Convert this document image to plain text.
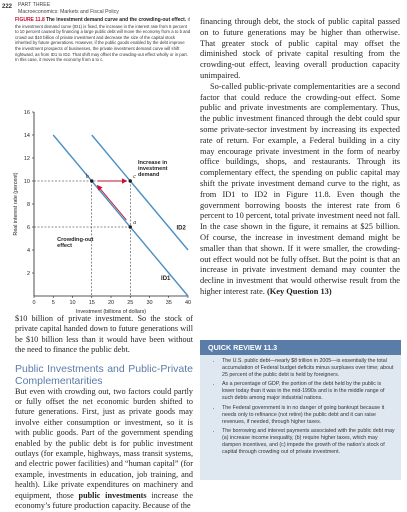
222 PART THREE
Macroeconomics: Markets and Fiscal Policy
FIGURE 11.8 The investment demand curve and the crowding-out effect. If the investment demand curve (ID1) is fixed, the increase in the interest rate from 6 percent to 10 percent caused by financing a large public debt will move the economy from a to b and crowd out $10 billion of private investment and decrease the size of the capital stock inherited by future generations. However, if the public goods enabled by the debt improve the investment prospects of businesses, the private investment demand curve will shift rightward, as from ID1 to ID2. That shift may offset the crowding-out effect wholly or in part. In this case, it moves the economy from a to c.
2
4
6
8
10
12
14
16
0	5	10 15 20 25 30 35 40
Investment (billions of dollars)
Real interest rate (percent)
ID1
ID2
a
b	c
Increase in
investment
demand
Crowding-out
effect

financing through debt, the stock of public capital passed on to future generations may be higher than otherwise. That greater stock of public capital may offset the diminished stock of private capital resulting from the crowding-out effect, leaving overall production capacity unimpaired.

So-called public-private complementarities are a second factor that could reduce the crowding-out effect. Some public and private investments are complementary. Thus, the public investment financed through the debt could spur some private-sector investment by increasing its expected rate of return. For example, a Federal building in a city may encourage private investment in the form of nearby office buildings, shops, and restaurants. Through its complementary effect, the spending on public capital may shift the private investment demand curve to the right, as from ID1 to ID2 in Figure 11.8. Even though the government borrowing boosts the interest rate from 6 percent to 10 percent, total private investment need not fall. In the case shown in the figure, it remains at $25 billion. Of course, the increase in investment demand might be smaller than that shown. If it were smaller, the crowding-out effect would not be fully offset. But the point is that an increase in private investment demand may counter the decline in investment that would otherwise result from the higher interest rate. (Key Question 13)

$10 billion of private investment. So the stock of private capital handed down to future generations will be $10 billion less than it would have been without the need to finance the public debt.

Public Investments and Public-Private Complementarities

But even with crowding out, two factors could partly or fully offset the net economic burden shifted to future generations. First, just as private goods may involve either consumption or investment, so it is with public goods. Part of the government spending enabled by the public debt is for public investment outlays (for example, highways, mass transit systems, and electric power facilities) and “human capital” (for example, investments in education, job training, and health). Like private expenditures on machinery and equipment, those public investments increase the economy’s future production capacity. Because of the

QUICK REVIEW 11.3
• The U.S. public debt—nearly $8 trillion in 2005—is essentially the total accumulation of Federal budget deficits minus surpluses over time; about 25 percent of the public debt is held by foreigners.
• As a percentage of GDP, the portion of the debt held by the public is lower today than it was in the mid-1990s and is in the middle range of such debts among major industrial nations.
• The Federal government is in no danger of going bankrupt because it needs only to refinance (not retire) the public debt and it can raise revenues, if needed, through higher taxes.
• The borrowing and interest payments associated with the public debt may (a) increase income inequality, (b) require higher taxes, which may dampen incentives, and (c) impede the growth of the nation’s stock of capital through crowding out of private investment.
